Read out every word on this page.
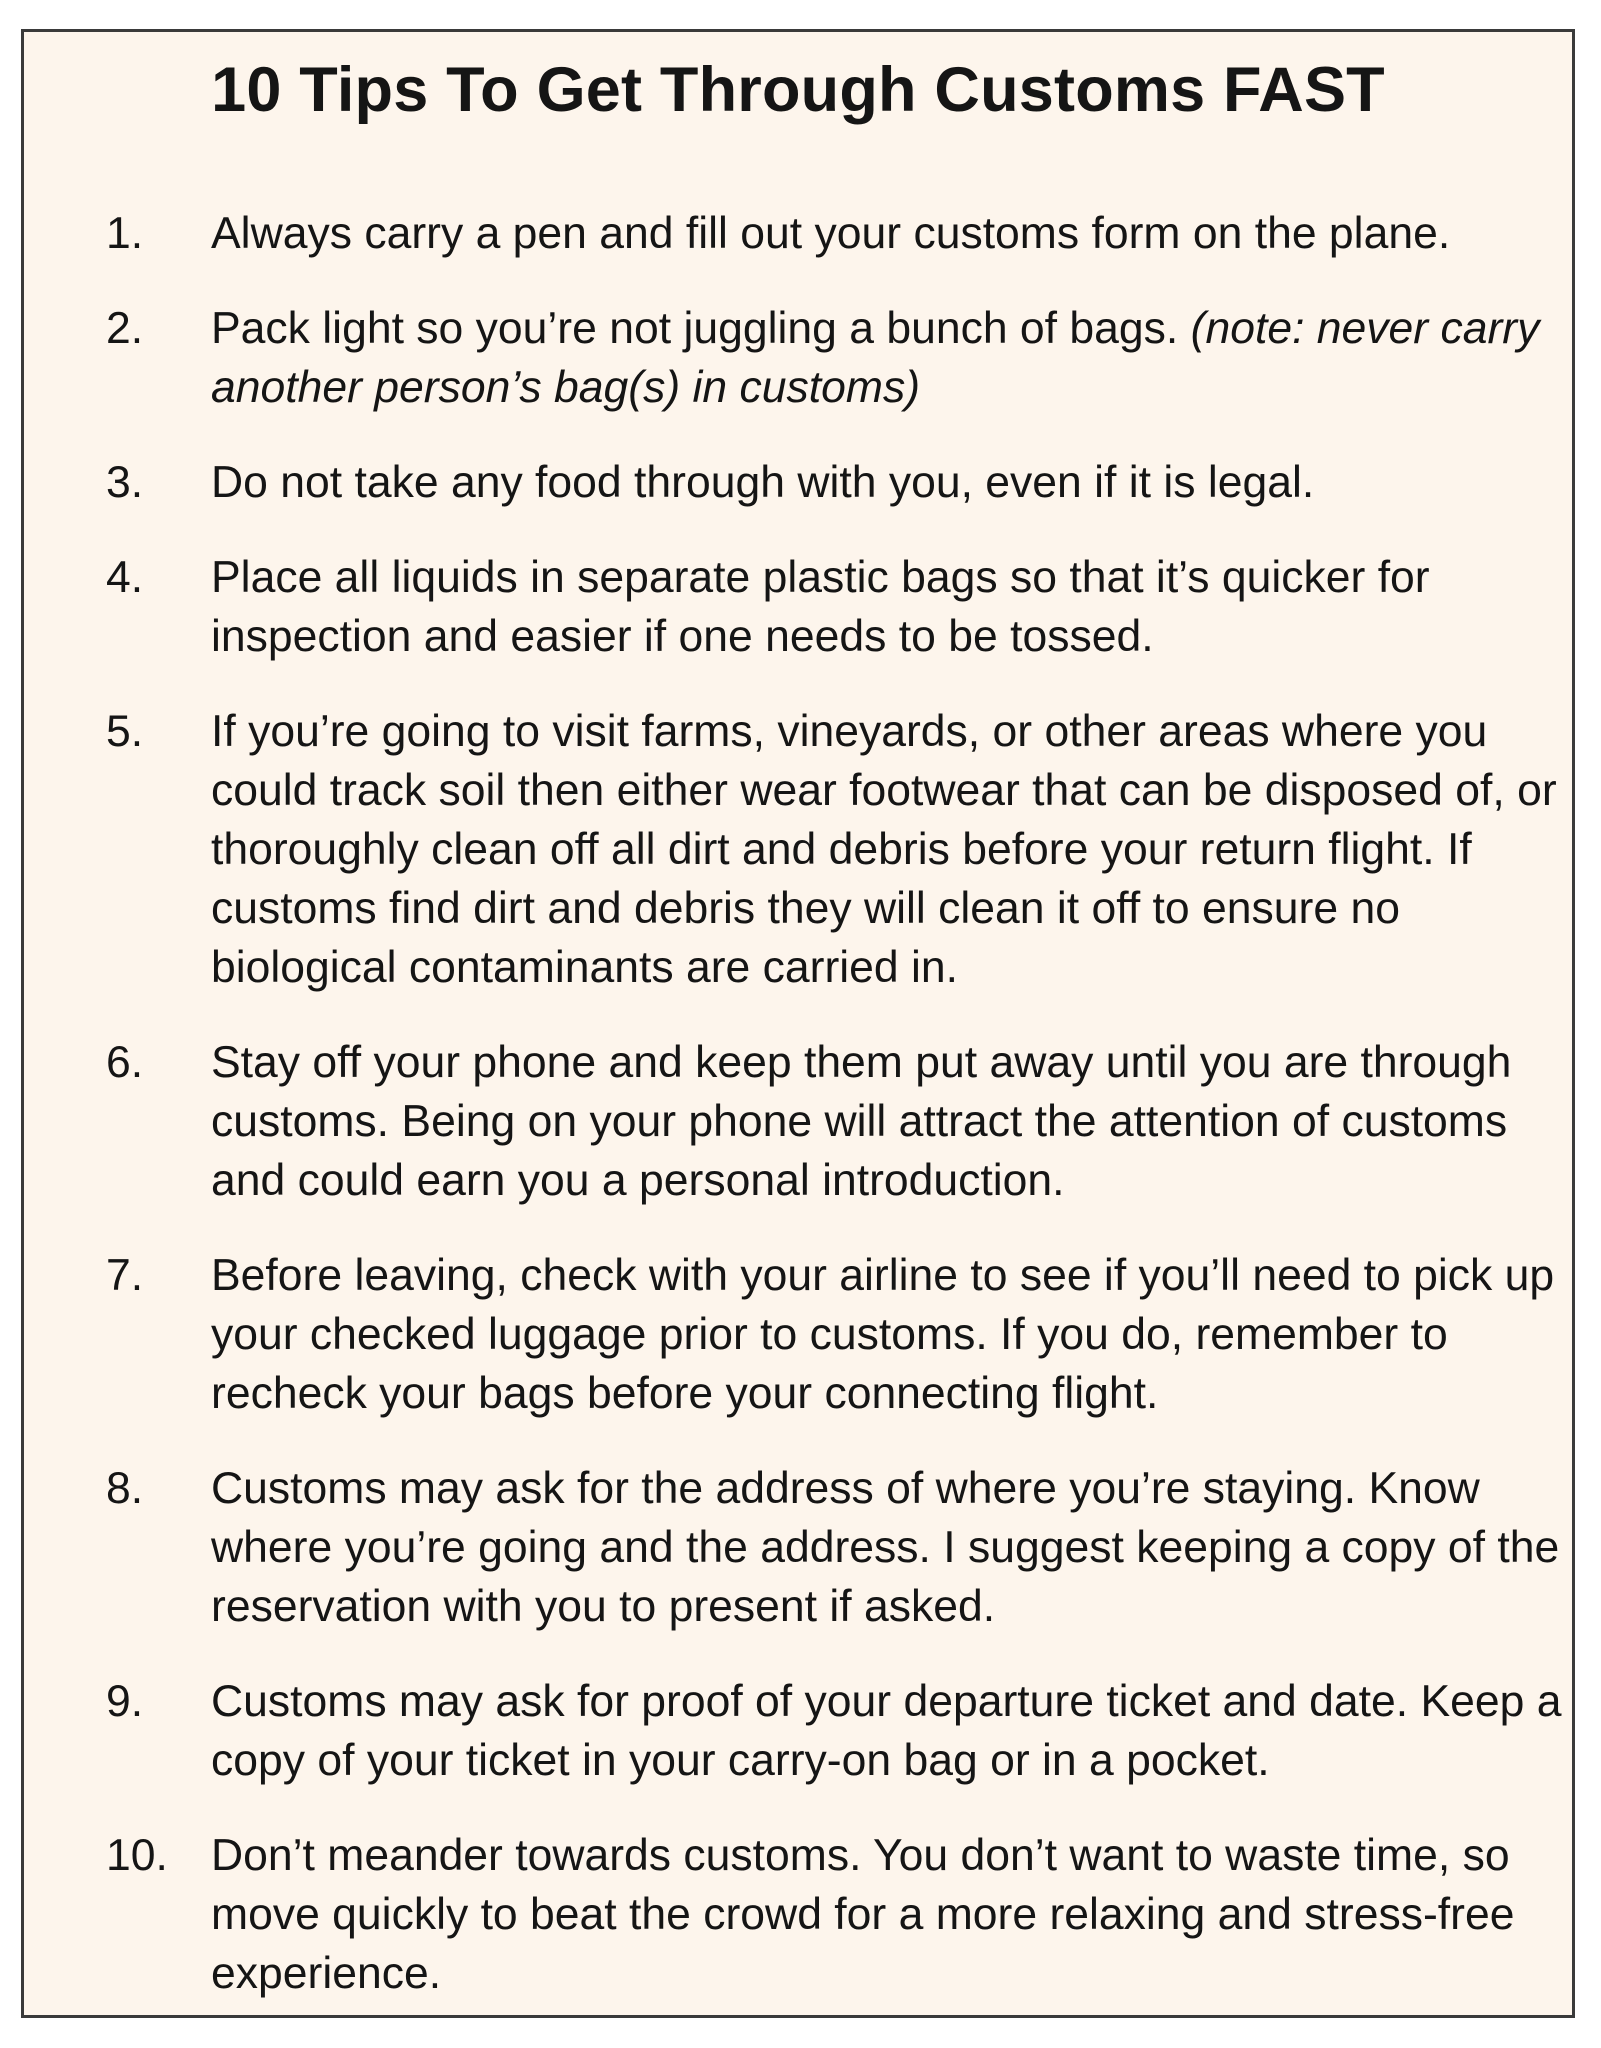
10 Tips To Get Through Customs FAST
1. Always carry a pen and fill out your customs form on the plane.
2. Pack light so you’re not juggling a bunch of bags. (note: never carry another person’s bag(s) in customs)
3. Do not take any food through with you, even if it is legal.
4. Place all liquids in separate plastic bags so that it’s quicker for inspection and easier if one needs to be tossed.
5. If you’re going to visit farms, vineyards, or other areas where you could track soil then either wear footwear that can be disposed of, or thoroughly clean off all dirt and debris before your return flight. If customs find dirt and debris they will clean it off to ensure no biological contaminants are carried in.
6. Stay off your phone and keep them put away until you are through customs. Being on your phone will attract the attention of customs and could earn you a personal introduction.
7. Before leaving, check with your airline to see if you’ll need to pick up your checked luggage prior to customs. If you do, remember to recheck your bags before your connecting flight.
8. Customs may ask for the address of where you’re staying. Know where you’re going and the address. I suggest keeping a copy of the reservation with you to present if asked.
9. Customs may ask for proof of your departure ticket and date. Keep a copy of your ticket in your carry-on bag or in a pocket.
10. Don’t meander towards customs. You don’t want to waste time, so move quickly to beat the crowd for a more relaxing and stress-free experience.
